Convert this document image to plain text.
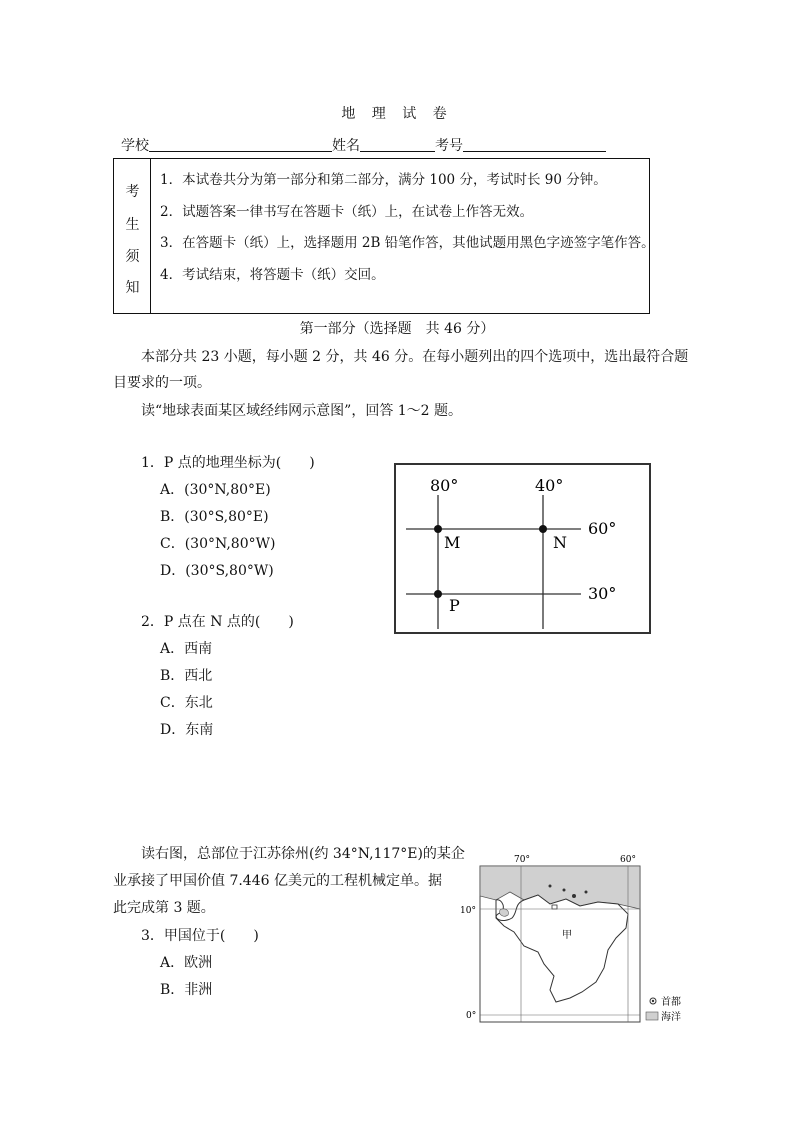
地 理 试 卷
学校	姓名	考号
考
生
须
知
1．本试卷共分为第一部分和第二部分，满分 100 分，考试时长 90 分钟。
2．试题答案一律书写在答题卡（纸）上，在试卷上作答无效。
3．在答题卡（纸）上，选择题用 2B 铅笔作答，其他试题用黑色字迹签字笔作答。
4．考试结束，将答题卡（纸）交回。
第一部分（选择题　共 46 分）
本部分共 23 小题，每小题 2 分，共 46 分。在每小题列出的四个选项中，选出最符合题
目要求的一项。
读“地球表面某区域经纬网示意图”，回答 1～2 题。
1．P 点的地理坐标为(　　)
A．(30°N,80°E)
B．(30°S,80°E)
C．(30°N,80°W)
D．(30°S,80°W)
80°	40°
60°
30°
M	N
P
2．P 点在 N 点的(　　)
A．西南
B．西北
C．东北
D．东南
读右图，总部位于江苏徐州(约 34°N,117°E)的某企
业承接了甲国价值 7.446 亿美元的工程机械定单。据
此完成第 3 题。
3．甲国位于(　　)
A．欧洲
B．非洲
70°	60°
10°
0°
甲
首都
海洋
